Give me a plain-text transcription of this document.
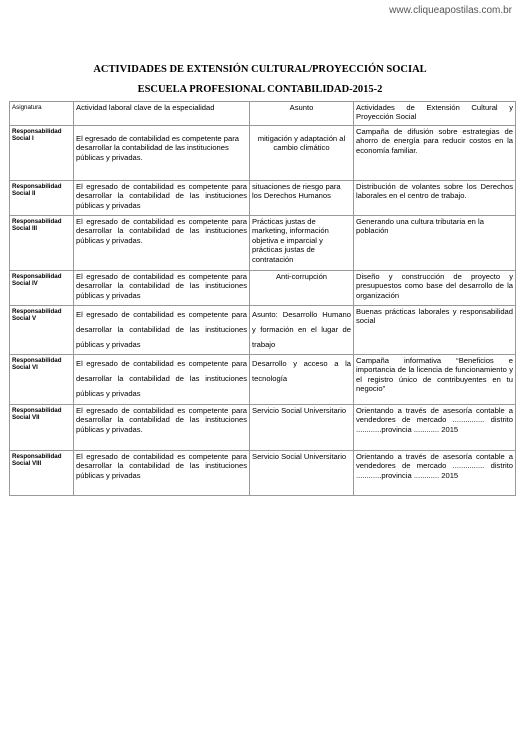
www.cliqueapostilas.com.br
ACTIVIDADES DE EXTENSIÓN CULTURAL/PROYECCIÓN SOCIAL
ESCUELA PROFESIONAL CONTABILIDAD-2015-2
Asignatura	Actividad laboral clave de la especialidad	Asunto	Actividades de Extensión Cultural y Proyección Social
Responsabilidad Social I	El egresado de contabilidad es competente para desarrollar la contabilidad de las instituciones públicas y privadas.	mitigación y adaptación al cambio climático	Campaña de difusión sobre estrategias de ahorro de energía para reducir costos en la economía familiar.
Responsabilidad Social II	El egresado de contabilidad es competente para desarrollar la contabilidad de las instituciones públicas y privadas	situaciones de riesgo para los Derechos Humanos	Distribución de volantes sobre los Derechos laborales en el centro de trabajo.
Responsabilidad Social III	El egresado de contabilidad es competente para desarrollar la contabilidad de las instituciones públicas y privadas.	Prácticas justas de marketing, información objetiva e imparcial y prácticas justas de contratación	Generando una cultura tributaria en la población
Responsabilidad Social IV	El egresado de contabilidad es competente para desarrollar la contabilidad de las instituciones públicas y privadas	Anti-corrupción	Diseño y construcción de proyecto y presupuestos como base del desarrollo de la organización
Responsabilidad Social V	El egresado de contabilidad es competente para desarrollar la contabilidad de las instituciones públicas y privadas	Asunto: Desarrollo Humano y formación en el lugar de trabajo	Buenas prácticas laborales y responsabilidad social
Responsabilidad Social VI	El egresado de contabilidad es competente para desarrollar la contabilidad de las instituciones públicas y privadas	Desarrollo y acceso a la tecnología	Campaña informativa “Beneficios e importancia de la licencia de funcionamiento y el registro único de contribuyentes en tu negocio”
Responsabilidad Social VII	El egresado de contabilidad es competente para desarrollar la contabilidad de las instituciones públicas y privadas.	Servicio Social Universitario	Orientando a través de asesoría contable a vendedores de mercado ............... distrito ............provincia ............ 2015
Responsabilidad Social VIII	El egresado de contabilidad es competente para desarrollar la contabilidad de las instituciones públicas y privadas	Servicio Social Universitario	Orientando a través de asesoría contable a vendedores de mercado ............... distrito ............provincia ............ 2015
